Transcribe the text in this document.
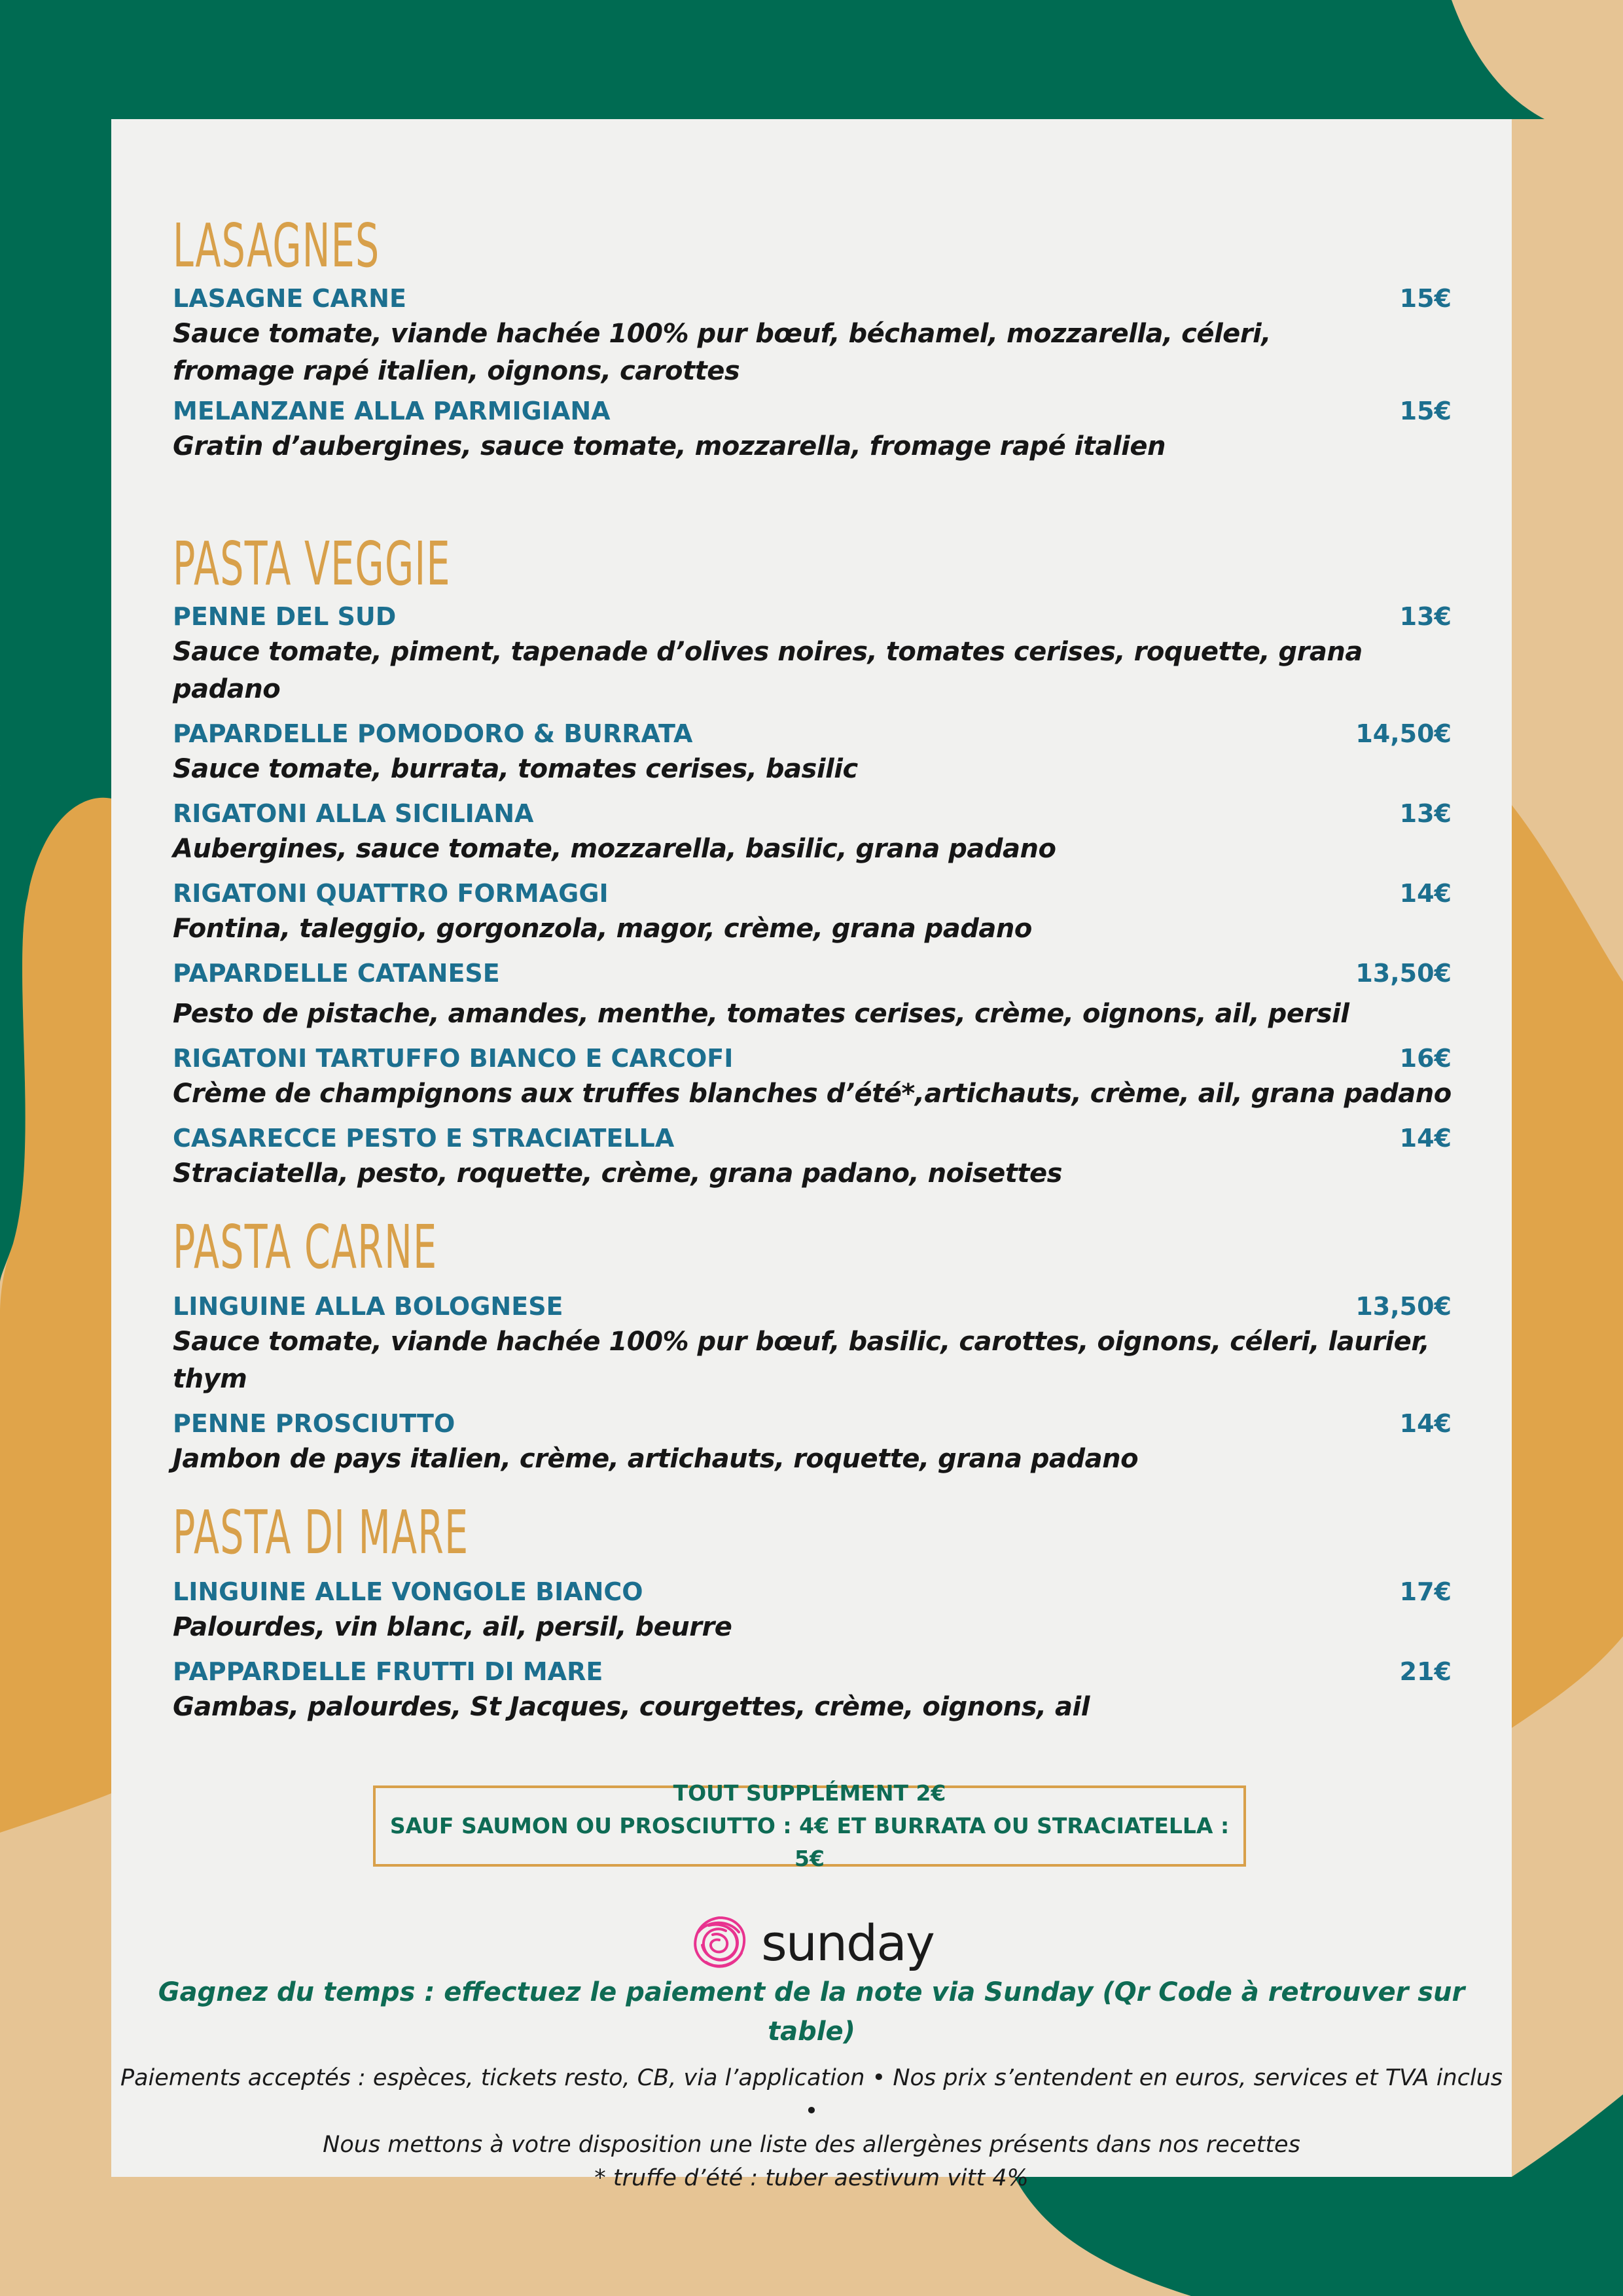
LASAGNES
LASAGNE CARNE	15€
Sauce tomate, viande hachée 100% pur bœuf, béchamel, mozzarella, céleri,
fromage rapé italien, oignons, carottes
MELANZANE ALLA PARMIGIANA	15€
Gratin d’aubergines, sauce tomate, mozzarella, fromage rapé italien
PASTA VEGGIE
PENNE DEL SUD	13€
Sauce tomate, piment, tapenade d’olives noires, tomates cerises, roquette, grana padano
PAPARDELLE POMODORO & BURRATA	14,50€
Sauce tomate, burrata, tomates cerises, basilic
RIGATONI ALLA SICILIANA	13€
Aubergines, sauce tomate, mozzarella, basilic, grana padano
RIGATONI QUATTRO FORMAGGI	14€
Fontina, taleggio, gorgonzola, magor, crème, grana padano
PAPARDELLE CATANESE	13,50€
Pesto de pistache, amandes, menthe, tomates cerises, crème, oignons, ail, persil
RIGATONI TARTUFFO BIANCO E CARCOFI	16€
Crème de champignons aux truffes blanches d’été*,artichauts, crème, ail, grana padano
CASARECCE PESTO E STRACIATELLA	14€
Straciatella, pesto, roquette, crème, grana padano, noisettes
PASTA CARNE
LINGUINE ALLA BOLOGNESE	13,50€
Sauce tomate, viande hachée 100% pur bœuf, basilic, carottes, oignons, céleri, laurier, thym
PENNE PROSCIUTTO	14€
Jambon de pays italien, crème, artichauts, roquette, grana padano
PASTA DI MARE
LINGUINE ALLE VONGOLE BIANCO	17€
Palourdes, vin blanc, ail, persil, beurre
PAPPARDELLE FRUTTI DI MARE	21€
Gambas, palourdes, St Jacques, courgettes, crème, oignons, ail
TOUT SUPPLÉMENT 2€
SAUF SAUMON OU PROSCIUTTO : 4€ ET BURRATA OU STRACIATELLA : 5€
sunday
Gagnez du temps : effectuez le paiement de la note via Sunday (Qr Code à retrouver sur table)
Paiements acceptés : espèces, tickets resto, CB, via l’application • Nos prix s’entendent en euros, services et TVA inclus •
Nous mettons à votre disposition une liste des allergènes présents dans nos recettes
* truffe d’été : tuber aestivum vitt 4%
